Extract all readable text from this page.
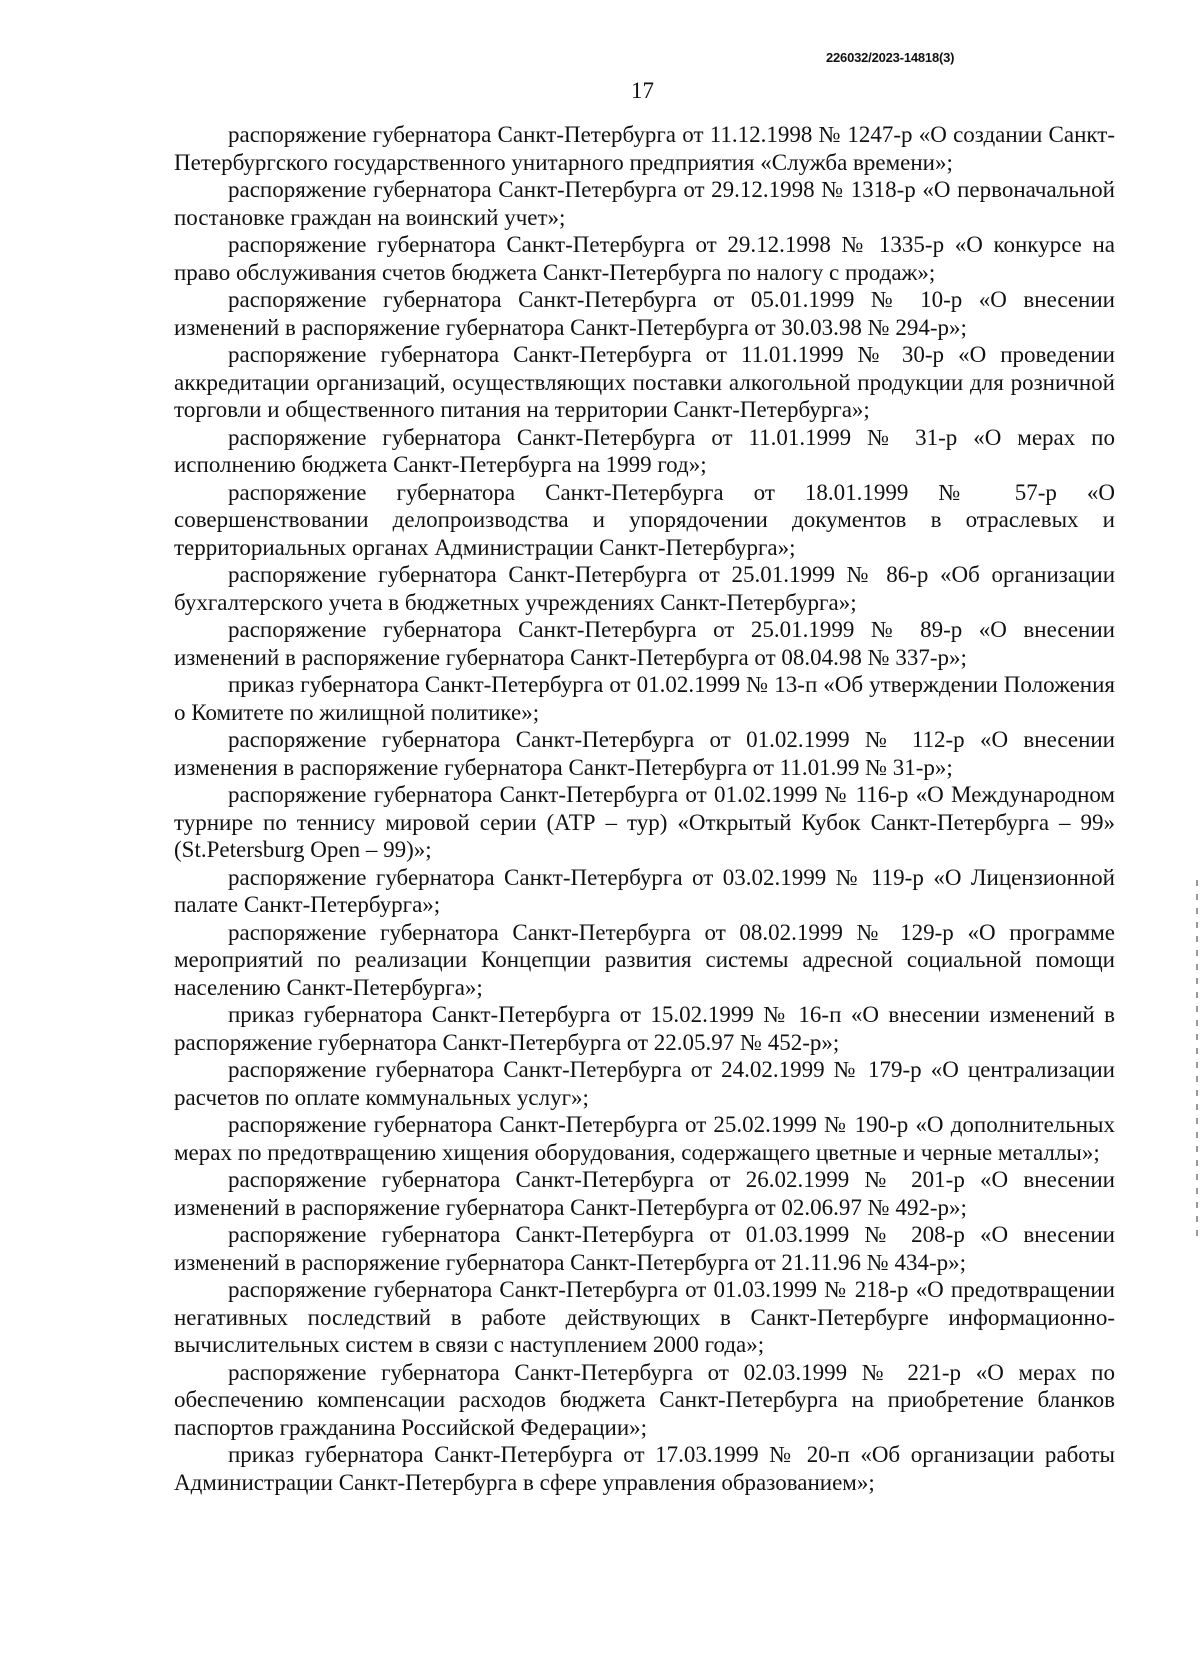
226032/2023-14818(3)
17

распоряжение губернатора Санкт-Петербурга от 11.12.1998 № 1247-р «О создании Санкт-Петербургского государственного унитарного предприятия «Служба времени»;

распоряжение губернатора Санкт-Петербурга от 29.12.1998 № 1318-р «О первоначальной постановке граждан на воинский учет»;

распоряжение губернатора Санкт-Петербурга от 29.12.1998 № 1335-р «О конкурсе на право обслуживания счетов бюджета Санкт-Петербурга по налогу с продаж»;

распоряжение губернатора Санкт-Петербурга от 05.01.1999 № 10-р «О внесении изменений в распоряжение губернатора Санкт-Петербурга от 30.03.98 № 294-р»;

распоряжение губернатора Санкт-Петербурга от 11.01.1999 № 30-р «О проведении аккредитации организаций, осуществляющих поставки алкогольной продукции для розничной торговли и общественного питания на территории Санкт-Петербурга»;

распоряжение губернатора Санкт-Петербурга от 11.01.1999 № 31-р «О мерах по исполнению бюджета Санкт-Петербурга на 1999 год»;

распоряжение губернатора Санкт-Петербурга от 18.01.1999 № 57-р «О совершенствовании делопроизводства и упорядочении документов в отраслевых и территориальных органах Администрации Санкт-Петербурга»;

распоряжение губернатора Санкт-Петербурга от 25.01.1999 № 86-р «Об организации бухгалтерского учета в бюджетных учреждениях Санкт-Петербурга»;

распоряжение губернатора Санкт-Петербурга от 25.01.1999 № 89-р «О внесении изменений в распоряжение губернатора Санкт-Петербурга от 08.04.98 № 337-р»;

приказ губернатора Санкт-Петербурга от 01.02.1999 № 13-п «Об утверждении Положения о Комитете по жилищной политике»;

распоряжение губернатора Санкт-Петербурга от 01.02.1999 № 112-р «О внесении изменения в распоряжение губернатора Санкт-Петербурга от 11.01.99 № 31-р»;

распоряжение губернатора Санкт-Петербурга от 01.02.1999 № 116-р «О Международном турнире по теннису мировой серии (АТР – тур) «Открытый Кубок Санкт-Петербурга – 99» (St.Petersburg Open – 99)»;

распоряжение губернатора Санкт-Петербурга от 03.02.1999 № 119-р «О Лицензионной палате Санкт-Петербурга»;

распоряжение губернатора Санкт-Петербурга от 08.02.1999 № 129-р «О программе мероприятий по реализации Концепции развития системы адресной социальной помощи населению Санкт-Петербурга»;

приказ губернатора Санкт-Петербурга от 15.02.1999 № 16-п «О внесении изменений в распоряжение губернатора Санкт-Петербурга от 22.05.97 № 452-р»;

распоряжение губернатора Санкт-Петербурга от 24.02.1999 № 179-р «О централизации расчетов по оплате коммунальных услуг»;

распоряжение губернатора Санкт-Петербурга от 25.02.1999 № 190-р «О дополнительных мерах по предотвращению хищения оборудования, содержащего цветные и черные металлы»;

распоряжение губернатора Санкт-Петербурга от 26.02.1999 № 201-р «О внесении изменений в распоряжение губернатора Санкт-Петербурга от 02.06.97 № 492-р»;

распоряжение губернатора Санкт-Петербурга от 01.03.1999 № 208-р «О внесении изменений в распоряжение губернатора Санкт-Петербурга от 21.11.96 № 434-р»;

распоряжение губернатора Санкт-Петербурга от 01.03.1999 № 218-р «О предотвращении негативных последствий в работе действующих в Санкт-Петербурге информационно-вычислительных систем в связи с наступлением 2000 года»;

распоряжение губернатора Санкт-Петербурга от 02.03.1999 № 221-р «О мерах по обеспечению компенсации расходов бюджета Санкт-Петербурга на приобретение бланков паспортов гражданина Российской Федерации»;

приказ губернатора Санкт-Петербурга от 17.03.1999 № 20-п «Об организации работы Администрации Санкт-Петербурга в сфере управления образованием»;
